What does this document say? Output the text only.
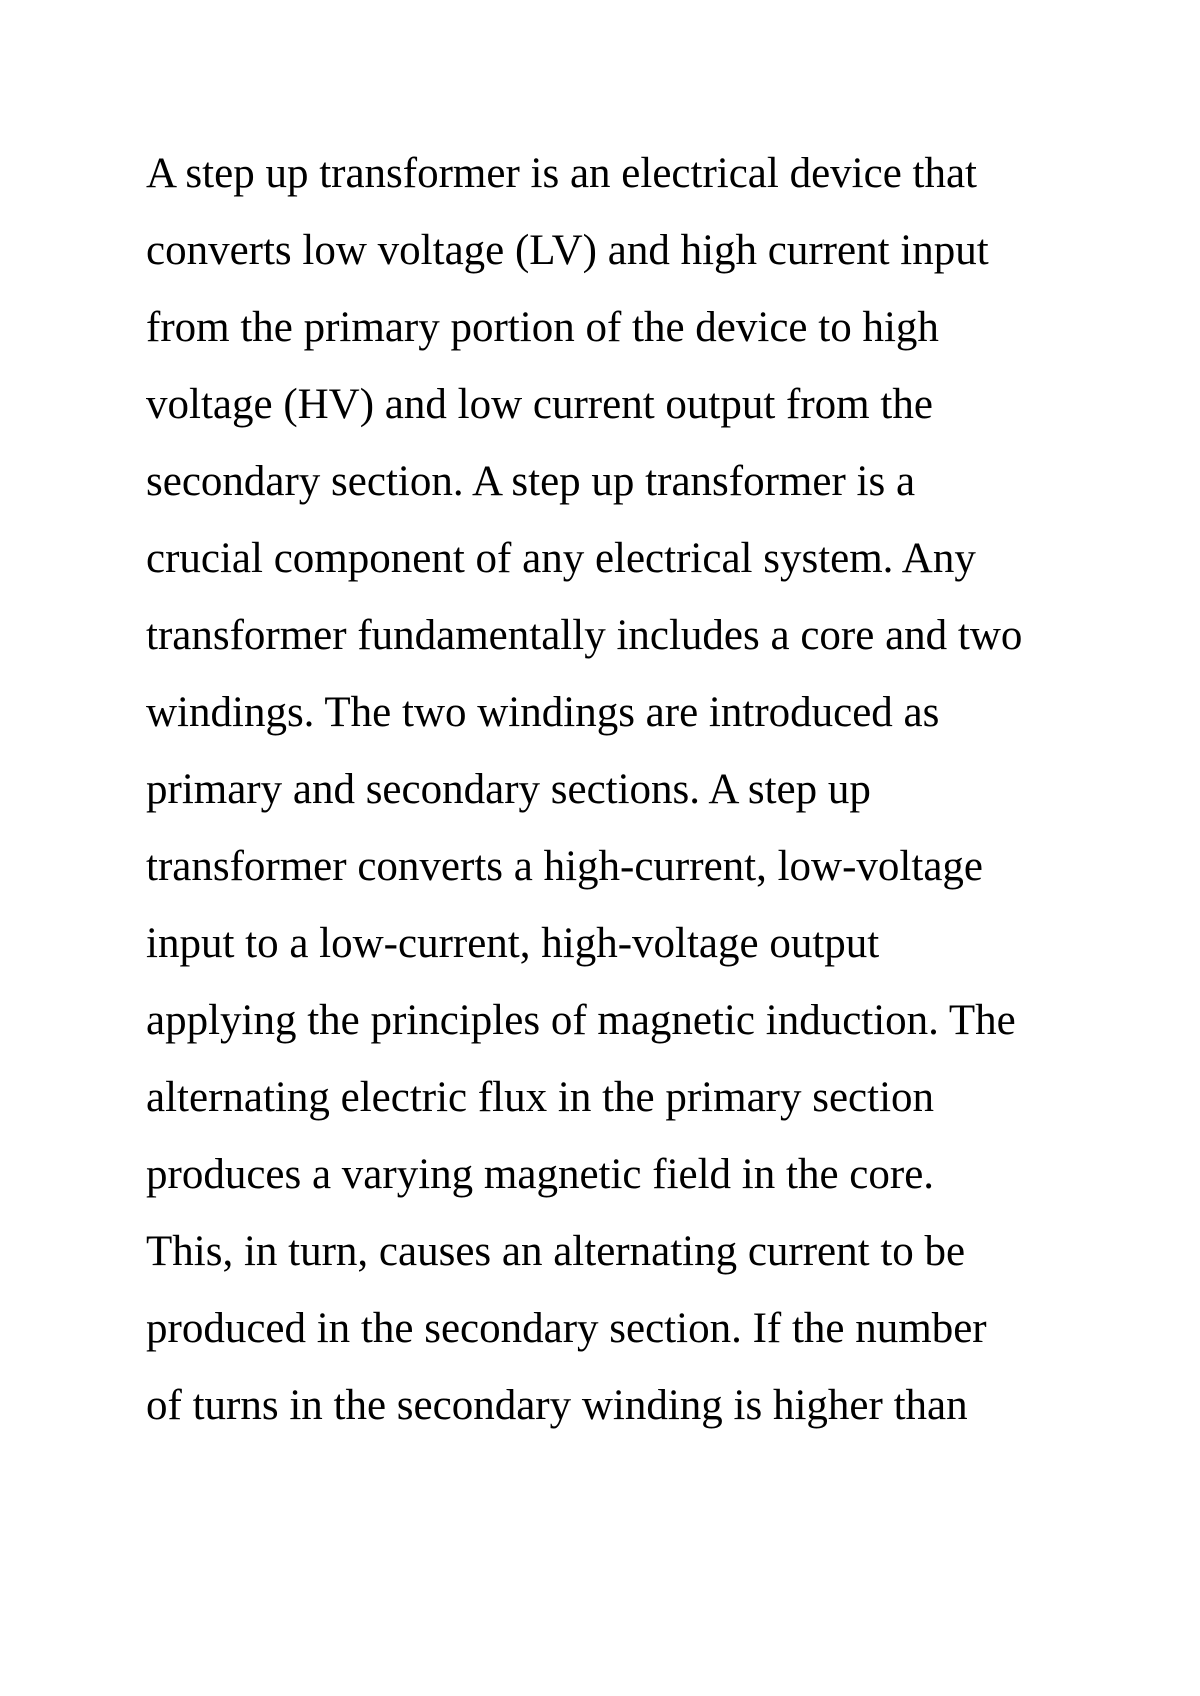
A step up transformer is an electrical device that
converts low voltage (LV) and high current input
from the primary portion of the device to high
voltage (HV) and low current output from the
secondary section. A step up transformer is a
crucial component of any electrical system. Any
transformer fundamentally includes a core and two
windings. The two windings are introduced as
primary and secondary sections. A step up
transformer converts a high-current, low-voltage
input to a low-current, high-voltage output
applying the principles of magnetic induction. The
alternating electric flux in the primary section
produces a varying magnetic field in the core.
This, in turn, causes an alternating current to be
produced in the secondary section. If the number
of turns in the secondary winding is higher than
